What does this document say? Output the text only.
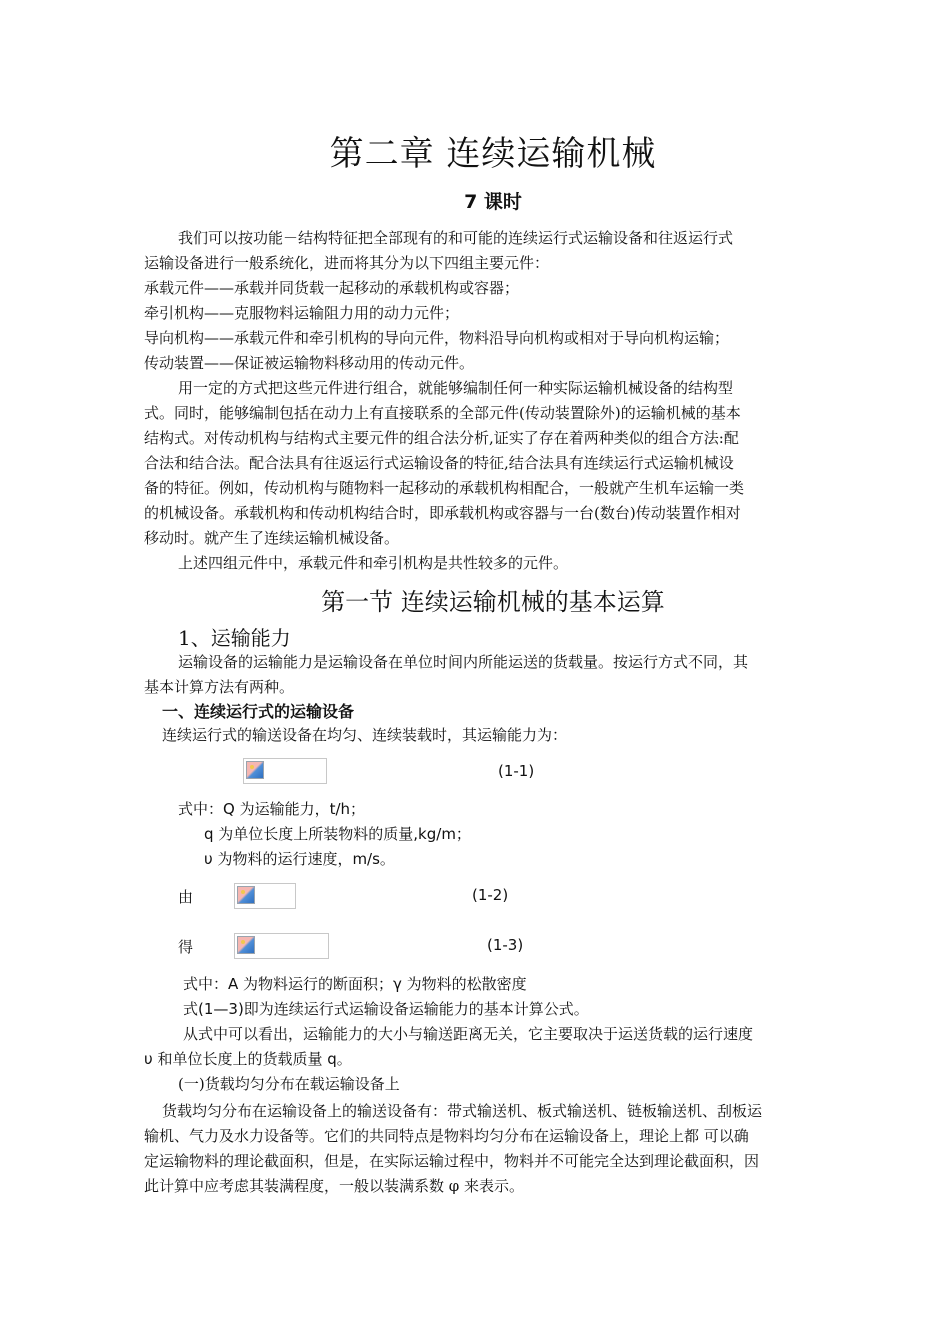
第二章 连续运输机械
7 课时
我们可以按功能－结构特征把全部现有的和可能的连续运行式运输设备和往返运行式
运输设备进行一般系统化，进而将其分为以下四组主要元件：
承载元件——承载并同货载一起移动的承载机构或容器；
牵引机构——克服物料运输阻力用的动力元件；
导向机构——承载元件和牵引机构的导向元件，物料沿导向机构或相对于导向机构运输；
传动装置——保证被运输物料移动用的传动元件。
用一定的方式把这些元件进行组合，就能够编制任何一种实际运输机械设备的结构型
式。同时，能够编制包括在动力上有直接联系的全部元件(传动装置除外)的运输机械的基本
结构式。对传动机构与结构式主要元件的组合法分析,证实了存在着两种类似的组合方法:配
合法和结合法。配合法具有往返运行式运输设备的特征,结合法具有连续运行式运输机械设
备的特征。例如，传动机构与随物料一起移动的承载机构相配合，一般就产生机车运输一类
的机械设备。承载机构和传动机构结合时，即承载机构或容器与一台(数台)传动装置作相对
移动时。就产生了连续运输机械设备。
上述四组元件中，承载元件和牵引机构是共性较多的元件。
第一节 连续运输机械的基本运算
1、运输能力
运输设备的运输能力是运输设备在单位时间内所能运送的货载量。按运行方式不同，其
基本计算方法有两种。
一、连续运行式的运输设备
连续运行式的输送设备在均匀、连续装载时，其运输能力为：
(1-1)
式中：Q 为运输能力，t/h；
q 为单位长度上所装物料的质量,kg/m；
υ 为物料的运行速度，m/s。
由	(1-2)
得	(1-3)
式中：A 为物料运行的断面积；γ 为物料的松散密度
式(1—3)即为连续运行式运输设备运输能力的基本计算公式。
从式中可以看出，运输能力的大小与输送距离无关，它主要取决于运送货载的运行速度
υ 和单位长度上的货载质量 q。
(一)货载均匀分布在载运输设备上
货载均匀分布在运输设备上的输送设备有：带式输送机、板式输送机、链板输送机、刮板运
输机、气力及水力设备等。它们的共同特点是物料均匀分布在运输设备上，理论上都 可以确
定运输物料的理论截面积，但是，在实际运输过程中，物料并不可能完全达到理论截面积，因
此计算中应考虑其装满程度，一般以装满系数 φ 来表示。
